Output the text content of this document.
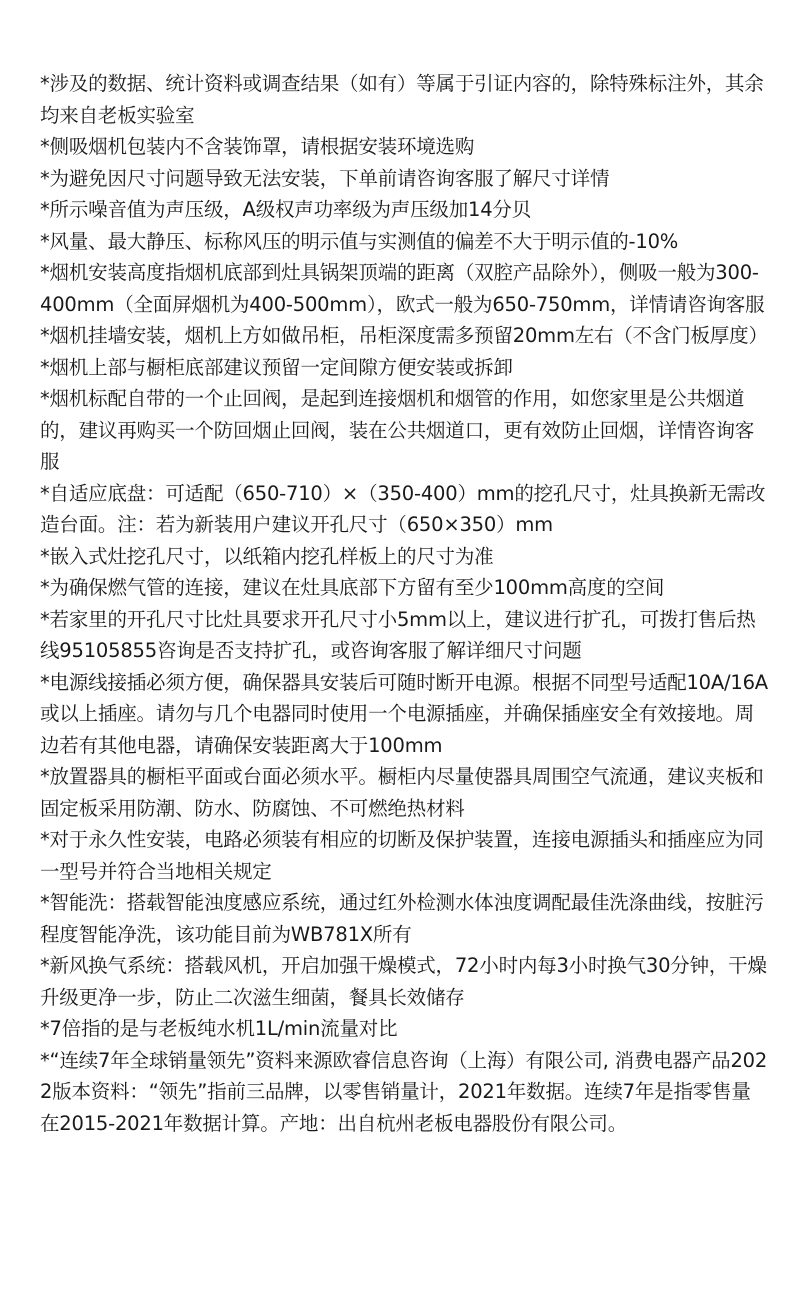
*涉及的数据、统计资料或调查结果（如有）等属于引证内容的，除特殊标注外，其余均来自老板实验室
*侧吸烟机包装内不含装饰罩，请根据安装环境选购
*为避免因尺寸问题导致无法安装，下单前请咨询客服了解尺寸详情
*所示噪音值为声压级，A级权声功率级为声压级加14分贝
*风量、最大静压、标称风压的明示值与实测值的偏差不大于明示值的-10%
*烟机安装高度指烟机底部到灶具锅架顶端的距离（双腔产品除外），侧吸一般为300-400mm（全面屏烟机为400-500mm），欧式一般为650-750mm，详情请咨询客服
*烟机挂墙安装，烟机上方如做吊柜，吊柜深度需多预留20mm左右（不含门板厚度）
*烟机上部与橱柜底部建议预留一定间隙方便安装或拆卸
*烟机标配自带的一个止回阀，是起到连接烟机和烟管的作用，如您家里是公共烟道的，建议再购买一个防回烟止回阀，装在公共烟道口，更有效防止回烟，详情咨询客服
*自适应底盘：可适配（650-710）×（350-400）mm的挖孔尺寸，灶具换新无需改造台面。注：若为新装用户建议开孔尺寸（650×350）mm
*嵌入式灶挖孔尺寸，以纸箱内挖孔样板上的尺寸为准
*为确保燃气管的连接，建议在灶具底部下方留有至少100mm高度的空间
*若家里的开孔尺寸比灶具要求开孔尺寸小5mm以上，建议进行扩孔，可拨打售后热线95105855咨询是否支持扩孔，或咨询客服了解详细尺寸问题
*电源线接插必须方便，确保器具安装后可随时断开电源。根据不同型号适配10A/16A或以上插座。请勿与几个电器同时使用一个电源插座，并确保插座安全有效接地。周边若有其他电器，请确保安装距离大于100mm
*放置器具的橱柜平面或台面必须水平。橱柜内尽量使器具周围空气流通，建议夹板和固定板采用防潮、防水、防腐蚀、不可燃绝热材料
*对于永久性安装，电路必须装有相应的切断及保护装置，连接电源插头和插座应为同一型号并符合当地相关规定
*智能洗：搭载智能浊度感应系统，通过红外检测水体浊度调配最佳洗涤曲线，按脏污程度智能净洗，该功能目前为WB781X所有
*新风换气系统：搭载风机，开启加强干燥模式，72小时内每3小时换气30分钟，干燥升级更净一步，防止二次滋生细菌，餐具长效储存
*7倍指的是与老板纯水机1L/min流量对比
*“连续7年全球销量领先”资料来源欧睿信息咨询（上海）有限公司, 消费电器产品2022版本资料：“领先”指前三品牌，以零售销量计，2021年数据。连续7年是指零售量在2015-2021年数据计算。产地：出自杭州老板电器股份有限公司。
